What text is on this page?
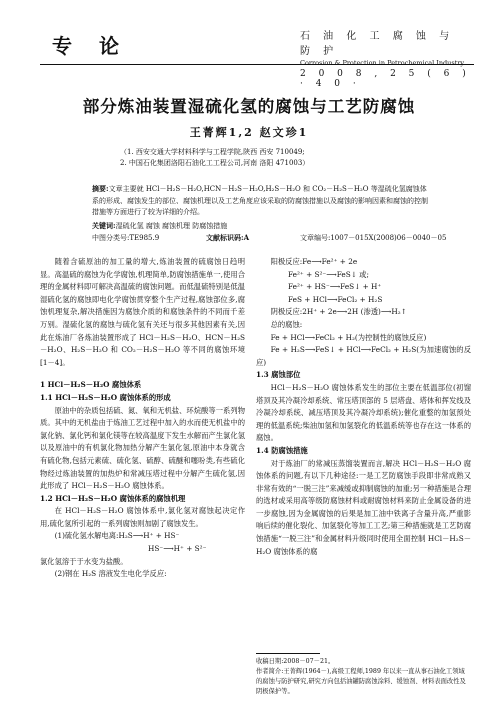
专 论	石 油 化 工 腐 蚀 与 防 护
Corrosion & Protection in Petrochemical Industry
2 0 0 8 , 2 5 ( 6 ) · 4 0 ·
部分炼油装置湿硫化氢的腐蚀与工艺防腐蚀
王菁辉1,2 赵文珍1
（1. 西安交通大学材料科学与工程学院,陕西 西安 710049;
2. 中国石化集团洛阳石油化工工程公司,河南 洛阳 471003）
摘要:文章主要就 HCl－H₂S－H₂O,HCN－H₂S－H₂O,H₂S－H₂O 和 CO₂－H₂S－H₂O 等湿硫化氢腐蚀体系的形成、腐蚀发生的部位、腐蚀机理以及工艺角度应该采取的防腐蚀措施以及腐蚀的影响因素和腐蚀的控制措施等方面进行了较为详细的介绍。
关键词:湿硫化氢 腐蚀 腐蚀机理 防腐蚀措施
中图分类号:TE985.9	文献标识码:A	文章编号:1007－015X(2008)06－0040－05

随着含硫原油的加工量的增大,炼油装置的硫腐蚀日趋明显。高温硫的腐蚀为化学腐蚀,机理简单,防腐蚀措施单一,使用合理的金属材料即可解决高温硫的腐蚀问题。而低温硫特别是低温湿硫化氢的腐蚀即电化学腐蚀贯穿整个生产过程,腐蚀部位多,腐蚀机理复杂,解决措施因为腐蚀介质的和腐蚀条件的不同而千差万别。湿硫化氢的腐蚀与硫化氢有关还与很多其他因素有关,因此在炼油厂各炼油装置形成了 HCl－H₂S－H₂O、HCN－H₂S－H₂O、H₂S－H₂O 和 CO₂－H₂S－H₂O 等不同的腐蚀环境[1－4]。

1 HCl－H₂S－H₂O 腐蚀体系

1.1 HCl－H₂S－H₂O 腐蚀体系的形成

原油中的杂质包括硫、氮、氧和无机盐、环烷酸等一系列物质。其中的无机盐由于炼油工艺过程中加入的水而使无机盐中的氯化钠、氯化钙和氯化镁等在较高温度下发生水解而产生氯化氢以及原油中的有机氯化物加热分解产生氯化氢,原油中本身就含有硫化物,包括元素硫、硫化氢、硫醇、硫醚和噻吩类,有些硫化物经过炼油装置的加热炉和常减压塔过程中分解产生硫化氢,因此形成了 HCl－H₂S－H₂O 腐蚀体系。

1.2 HCl－H₂S－H₂O 腐蚀体系的腐蚀机理

在 HCl－H₂S－H₂O 腐蚀体系中,氯化氢对腐蚀起决定作用,硫化氢所引起的一系列腐蚀则加剧了腐蚀发生。

(1)硫化氢水解电离:H₂S⟶H⁺ + HS⁻

HS⁻⟶H⁺ + S²⁻

氯化氢溶于于水变为盐酸。

(2)钢在 H₂S 溶液发生电化学反应:

阳极反应:Fe⟶Fe²⁺ + 2e

Fe²⁺ + S²⁻⟶FeS↓ 或;

Fe²⁺ + HS⁻⟶FeS↓ + H⁺

FeS + HCl⟶FeCl₂ + H₂S

阴极反应:2H⁺ + 2e⟶2H (渗透)⟶H₂↑

总的腐蚀:

Fe + HCl⟶FeCl₂ + H₂(为控制性的腐蚀反应)

Fe + H₂S⟶FeS↓ + HCl⟶FeCl₂ + H₂S(为加速腐蚀的反应)

1.3 腐蚀部位

HCl－H₂S－H₂O 腐蚀体系发生的部位主要在低温部位(初馏塔顶及其冷凝冷却系统、常压塔顶部的 5 层塔盘、塔体和挥发线及冷凝冷却系统、减压塔顶及其冷凝冷却系统);催化重整的加氢预处理的低温系统;柴油加氢和加氢裂化的低温系统等也存在这一体系的腐蚀。

1.4 防腐蚀措施

对于炼油厂的常减压蒸馏装置而言,解决 HCl－H₂S－H₂O 腐蚀体系的问题,有以下几种途径:一是工艺防腐蚀手段即非常成熟又非常有效的“一脱三注”来减缓或抑制腐蚀的加重;另一种措施是合理的选材或采用高等级防腐蚀材料或耐腐蚀材料来防止金属设备的进一步腐蚀,因为金属腐蚀的后果是加工油中铁离子含量升高,严重影响后续的催化裂化、加氢裂化等加工工艺;第三种措施就是工艺防腐蚀措施“一脱三注”和金属材料升级同时使用全面控制 HCl－H₂S－H₂O 腐蚀体系的腐

收稿日期:2008－07－21。

作者简介:王菁辉(1964－),高级工程师,1989 年以来一直从事石油化工领域的腐蚀与防护研究,研究方向包括油罐防腐蚀涂料、缓蚀剂、材料表面改性及阴极保护等。
